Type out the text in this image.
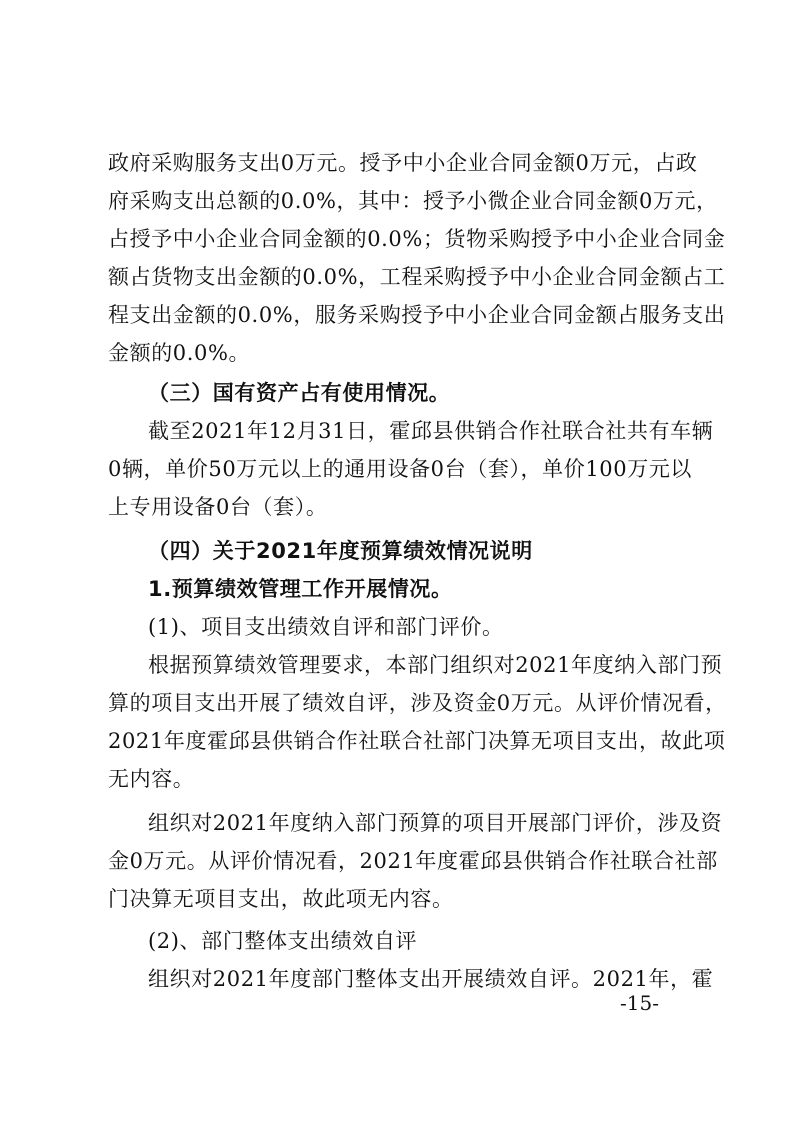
政府采购服务支出0万元。授予中小企业合同金额0万元，占政
府采购支出总额的0.0%，其中：授予小微企业合同金额0万元，
占授予中小企业合同金额的0.0%；货物采购授予中小企业合同金
额占货物支出金额的0.0%，工程采购授予中小企业合同金额占工
程支出金额的0.0%，服务采购授予中小企业合同金额占服务支出
金额的0.0%。
（三）国有资产占有使用情况。
截至2021年12月31日，霍邱县供销合作社联合社共有车辆
0辆，单价50万元以上的通用设备0台（套），单价100万元以
上专用设备0台（套）。
（四）关于2021年度预算绩效情况说明
1.预算绩效管理工作开展情况。
(1)、项目支出绩效自评和部门评价。
根据预算绩效管理要求，本部门组织对2021年度纳入部门预
算的项目支出开展了绩效自评，涉及资金0万元。从评价情况看，
2021年度霍邱县供销合作社联合社部门决算无项目支出，故此项
无内容。
组织对2021年度纳入部门预算的项目开展部门评价，涉及资
金0万元。从评价情况看，2021年度霍邱县供销合作社联合社部
门决算无项目支出，故此项无内容。
(2)、部门整体支出绩效自评
组织对2021年度部门整体支出开展绩效自评。2021年，霍
-15-
